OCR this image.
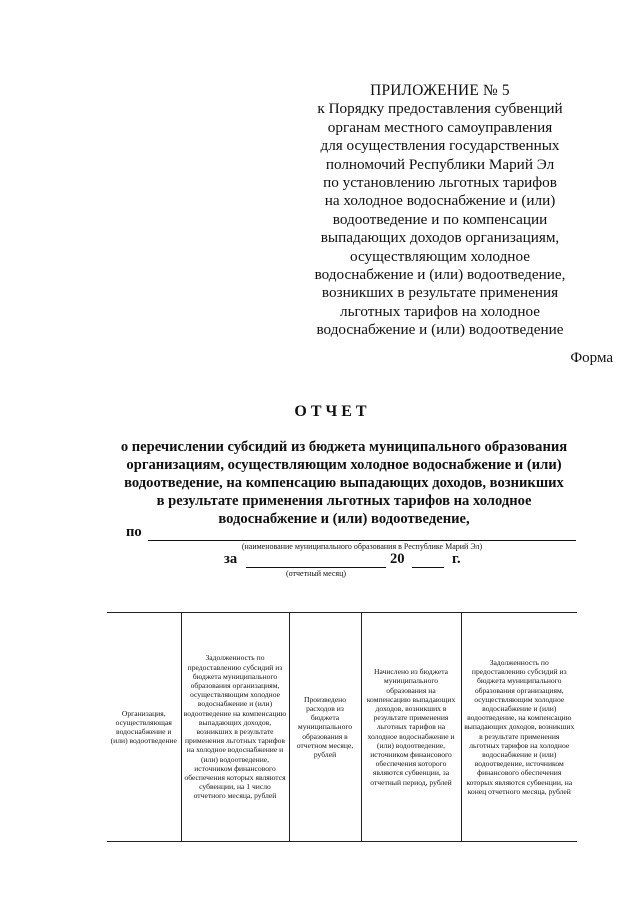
ПРИЛОЖЕНИЕ № 5
к Порядку предоставления субвенций
органам местного самоуправления
для осуществления государственных
полномочий Республики Марий Эл
по установлению льготных тарифов
на холодное водоснабжение и (или)
водоотведение и по компенсации
выпадающих доходов организациям,
осуществляющим холодное
водоснабжение и (или) водоотведение,
возникших в результате применения
льготных тарифов на холодное
водоснабжение и (или) водоотведение
Форма
ОТЧЕТ
о перечислении субсидий из бюджета муниципального образования
организациям, осуществляющим холодное водоснабжение и (или)
водоотведение, на компенсацию выпадающих доходов, возникших
в результате применения льготных тарифов на холодное
водоснабжение и (или) водоотведение,
по
(наименование муниципального образования в Республике Марий Эл)
за	20	г.
(отчетный месяц)
Организация, осуществляющая водоснабжение и (или) водоотведение	Задолженность по предоставлению субсидий из бюджета муниципального образования организациям, осуществляющим холодное водоснабжение и (или) водоотведение на компенсацию выпадающих доходов, возникших в результате применения льготных тарифов на холодное водоснабжение и (или) водоотведение, источником финансового обеспечения которых являются субвенции, на 1 число отчетного месяца, рублей	Произведено расходов из бюджета муниципального образования в отчетном месяце, рублей	Начислено из бюджета муниципального образования на компенсацию выпадающих доходов, возникших в результате применения льготных тарифов на холодное водоснабжение и (или) водоотведение, источником финансового обеспечения которого являются субвенции, за отчетный период, рублей	Задолженность по предоставлению субсидий из бюджета муниципального образования организациям, осуществляющим холодное водоснабжение и (или) водоотведение, на компенсацию выпадающих доходов, возникших в результате применения льготных тарифов на холодное водоснабжение и (или) водоотведение, источником финансового обеспечения которых являются субвенции, на конец отчетного месяца, рублей
